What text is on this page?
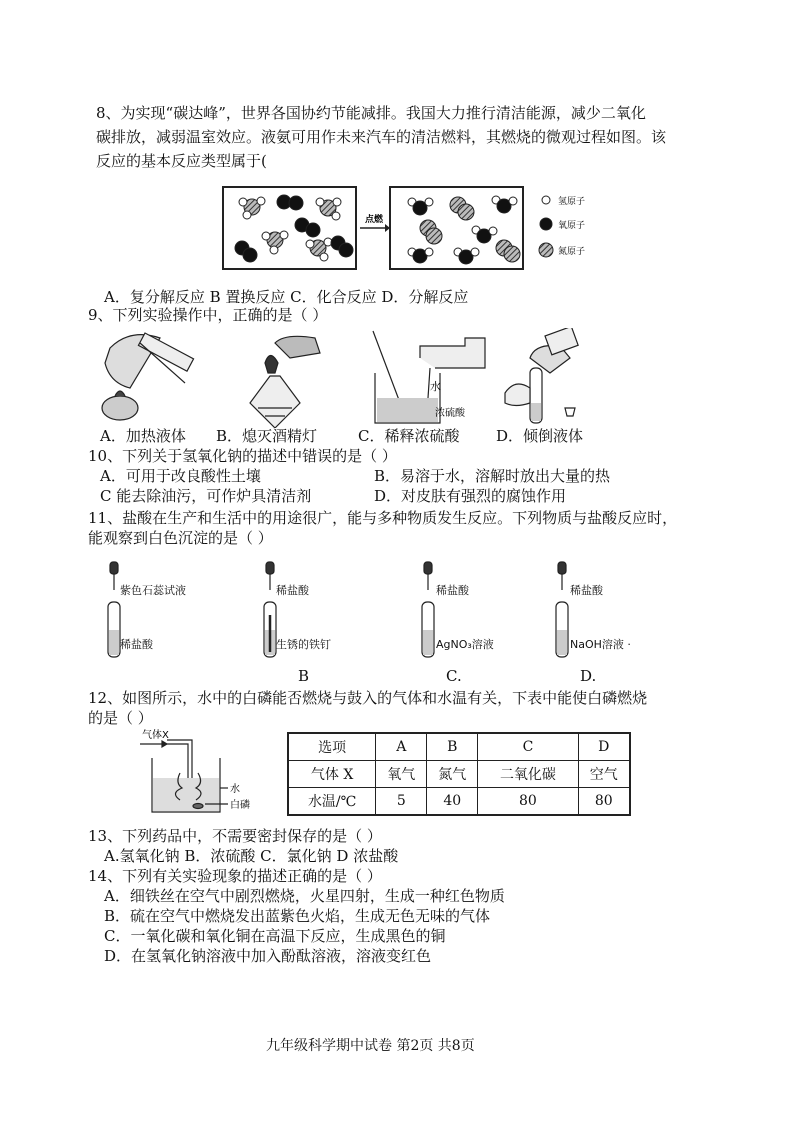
8、为实现“碳达峰”，世界各国协约节能减排。我国大力推行清洁能源，减少二氧化
碳排放，减弱温室效应。液氨可用作未来汽车的清洁燃料，其燃烧的微观过程如图。该
反应的基本反应类型属于(
点燃
氢原子
氧原子
氮原子
A．复分解反应 B 置换反应 C．化合反应 D．分解反应
9、下列实验操作中，正确的是（ ）
水
浓硫酸
A．加热液体 B．熄灭酒精灯	C．稀释浓硫酸 D．倾倒液体
10、下列关于氢氧化钠的描述中错误的是（ ）
A．可用于改良酸性土壤	B．易溶于水，溶解时放出大量的热
C 能去除油污，可作炉具清洁剂	D．对皮肤有强烈的腐蚀作用
11、盐酸在生产和生活中的用途很广，能与多种物质发生反应。下列物质与盐酸反应时，
能观察到白色沉淀的是（ ）
紫色石蕊试液
稀盐酸
稀盐酸
生锈的铁钉
稀盐酸
AgNO₃溶液
稀盐酸
NaOH溶液 ·
B	C.	D.
12、如图所示，水中的白磷能否燃烧与鼓入的气体和水温有关，下表中能使白磷燃烧
的是（ ）
气体X
水
白磷
选项	A	B	C	D
气体 X	氧气	氮气	二氧化碳	空气
水温/℃	5	40	80	80
13、下列药品中，不需要密封保存的是（ ）
A.氢氧化钠 B．浓硫酸 C．氯化钠 D 浓盐酸
14、下列有关实验现象的描述正确的是（ ）
A．细铁丝在空气中剧烈燃烧，火星四射，生成一种红色物质
B．硫在空气中燃烧发出蓝紫色火焰，生成无色无味的气体
C．一氧化碳和氧化铜在高温下反应，生成黑色的铜
D．在氢氧化钠溶液中加入酚酞溶液，溶液变红色
九年级科学期中试卷 第2页 共8页
